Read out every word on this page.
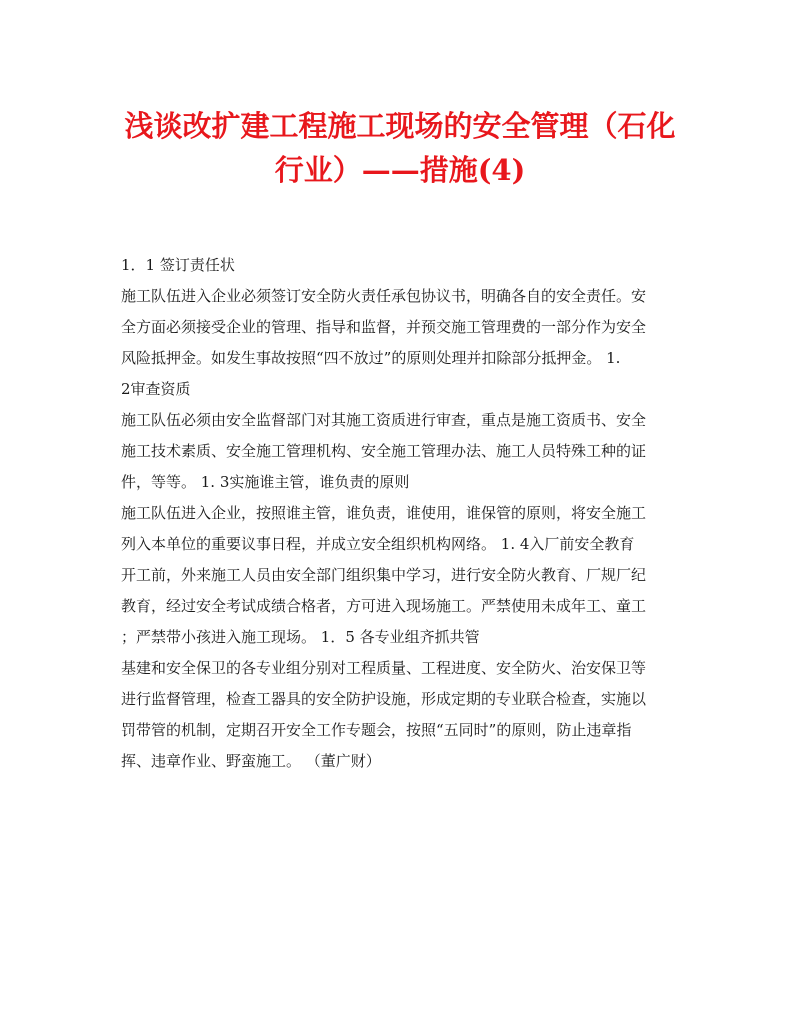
浅谈改扩建工程施工现场的安全管理（石化
行业）——措施(4)
1．1 签订责任状
施工队伍进入企业必须签订安全防火责任承包协议书，明确各自的安全责任。安
全方面必须接受企业的管理、指导和监督，并预交施工管理费的一部分作为安全
风险抵押金。如发生事故按照“四不放过”的原则处理并扣除部分抵押金。 1.
2审查资质
施工队伍必须由安全监督部门对其施工资质进行审查，重点是施工资质书、安全
施工技术素质、安全施工管理机构、安全施工管理办法、施工人员特殊工种的证
件，等等。 1. 3实施谁主管，谁负责的原则
施工队伍进入企业，按照谁主管，谁负责，谁使用，谁保管的原则，将安全施工
列入本单位的重要议事日程，并成立安全组织机构网络。 1. 4入厂前安全教育
开工前，外来施工人员由安全部门组织集中学习，进行安全防火教育、厂规厂纪
教育，经过安全考试成绩合格者，方可进入现场施工。严禁使用未成年工、童工
；严禁带小孩进入施工现场。 1．5 各专业组齐抓共管
基建和安全保卫的各专业组分别对工程质量、工程进度、安全防火、治安保卫等
进行监督管理，检查工器具的安全防护设施，形成定期的专业联合检查，实施以
罚带管的机制，定期召开安全工作专题会，按照“五同时”的原则，防止违章指
挥、违章作业、野蛮施工。 （董广财）
